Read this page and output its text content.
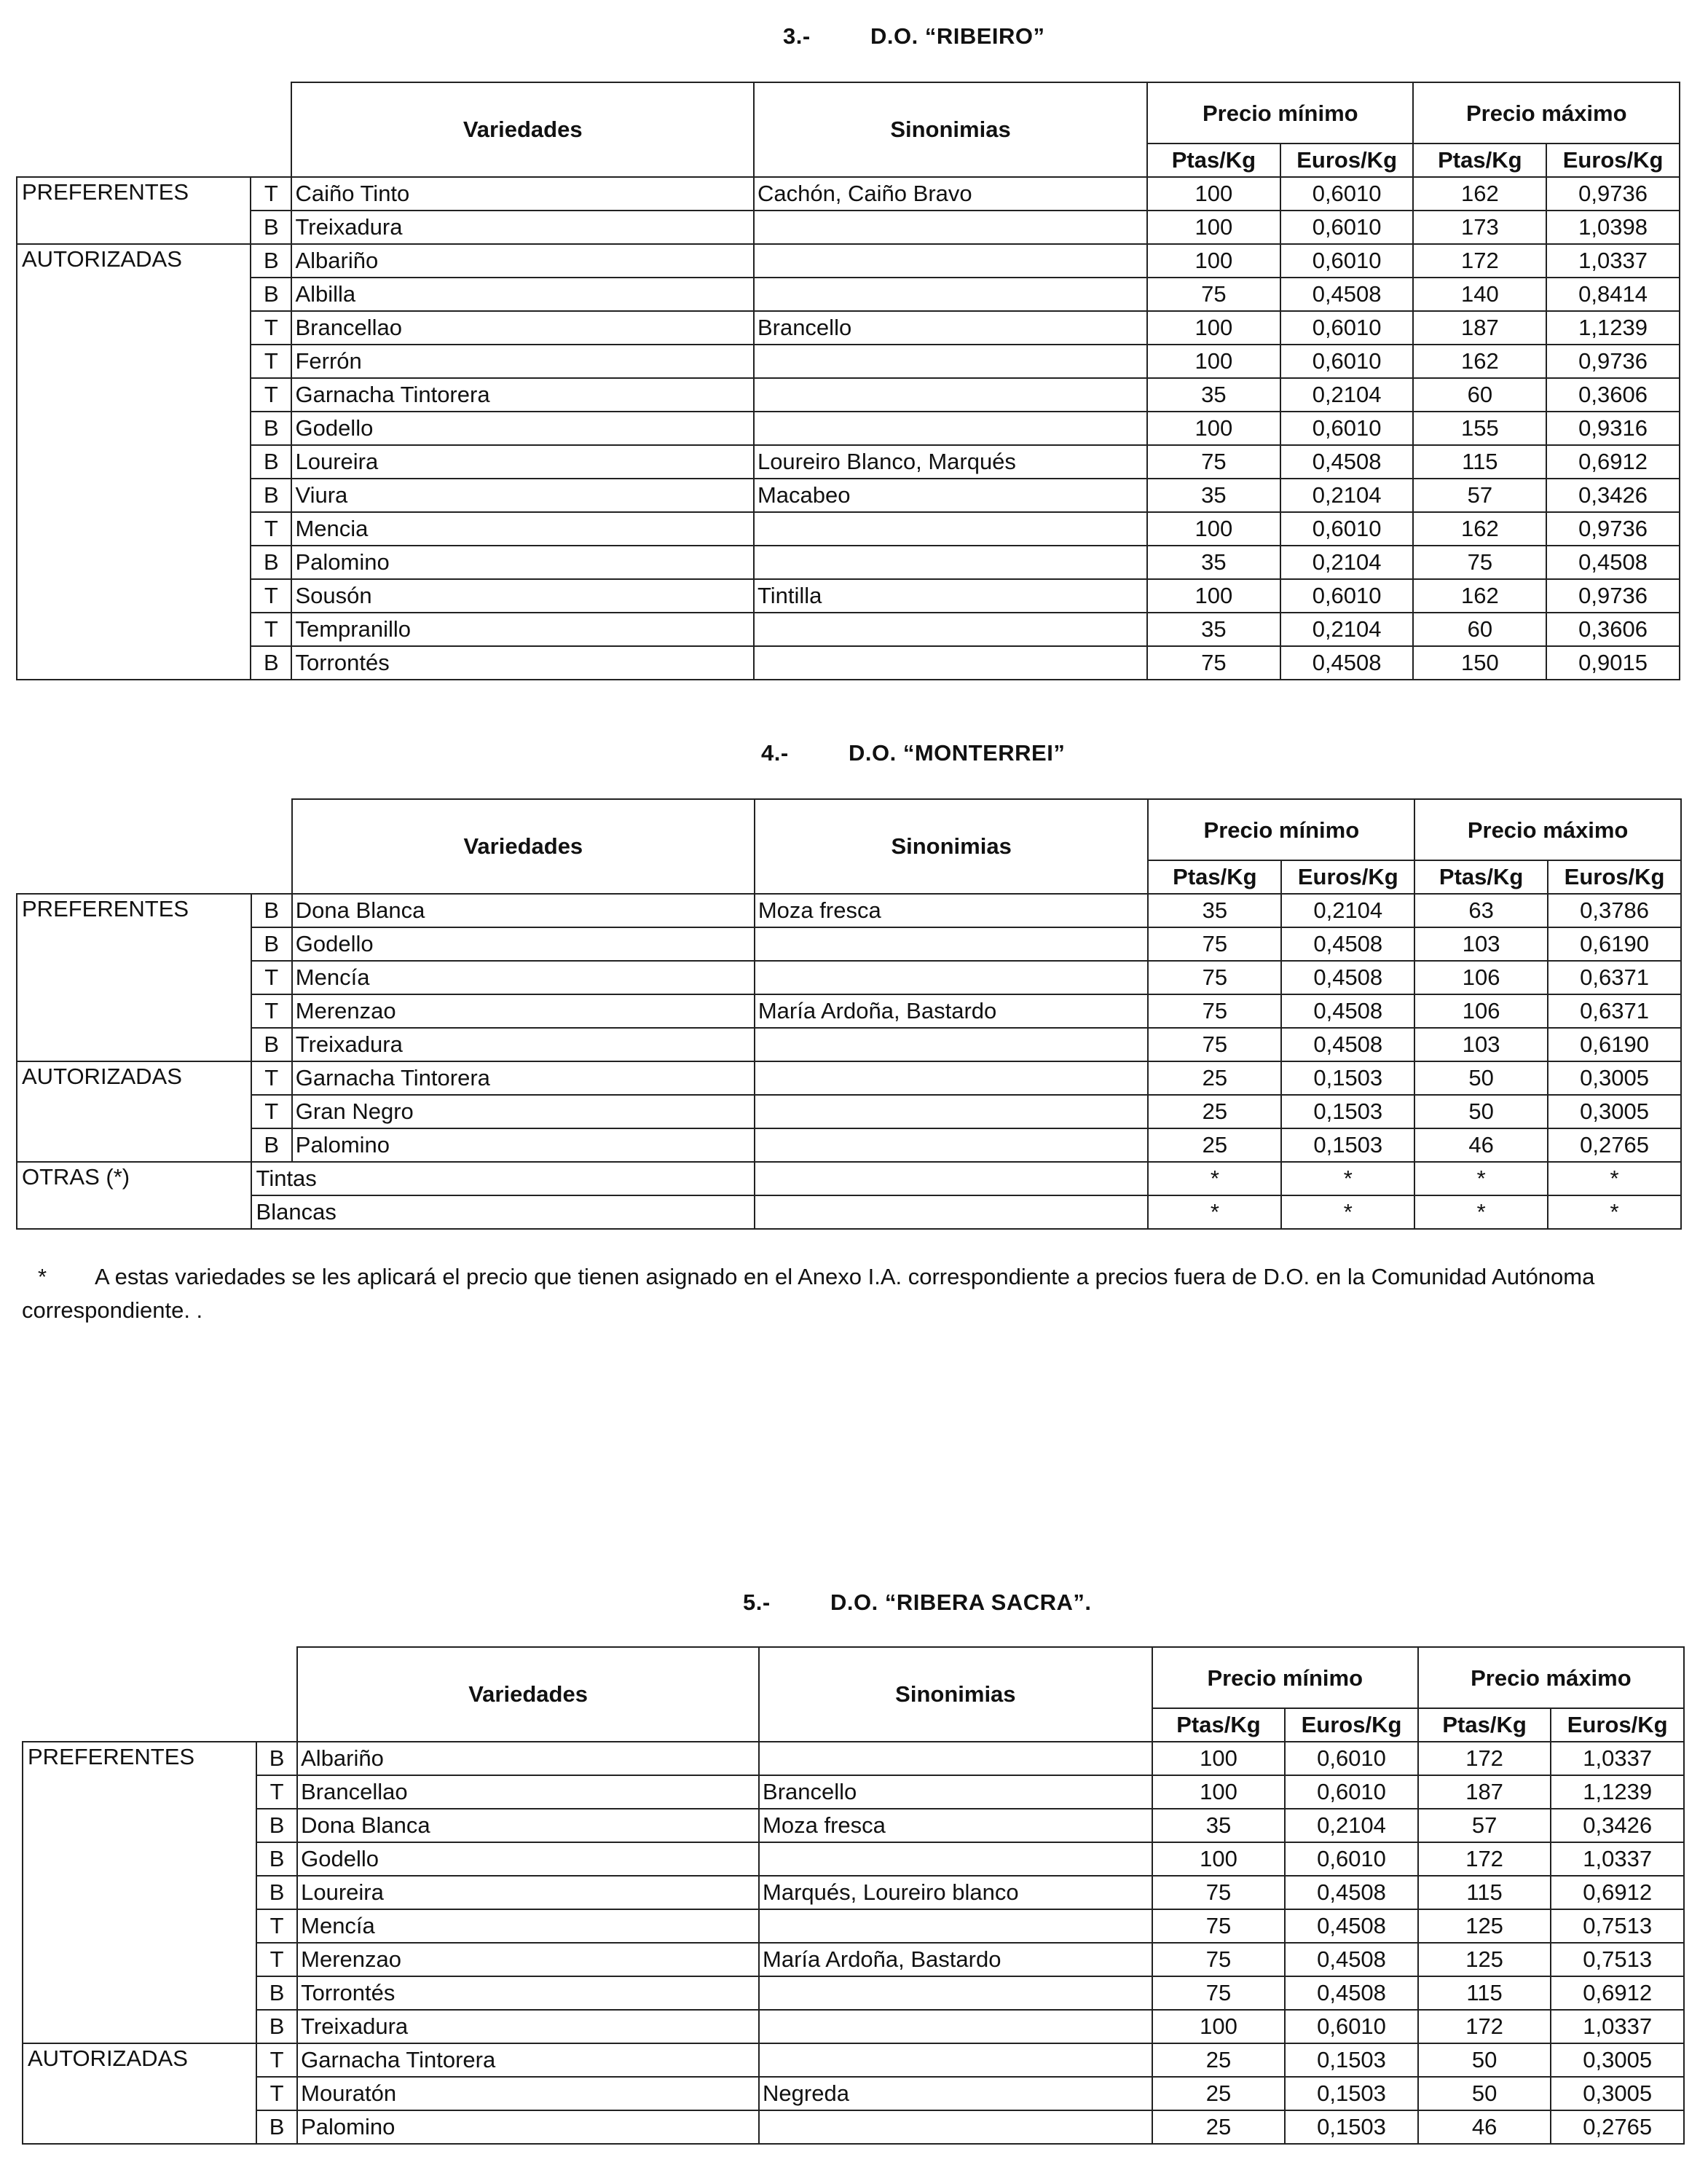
3.-	D.O. “RIBEIRO”
		Variedades	Sinonimias	Precio mínimo		Precio máximo	
				Ptas/Kg	Euros/Kg	Ptas/Kg	Euros/Kg
PREFERENTES	T	Caiño Tinto	Cachón, Caiño Bravo	100	0,6010	162	0,9736
	B	Treixadura		100	0,6010	173	1,0398
AUTORIZADAS	B	Albariño		100	0,6010	172	1,0337
	B	Albilla		75	0,4508	140	0,8414
	T	Brancellao	Brancello	100	0,6010	187	1,1239
	T	Ferrón		100	0,6010	162	0,9736
	T	Garnacha Tintorera		35	0,2104	60	0,3606
	B	Godello		100	0,6010	155	0,9316
	B	Loureira	Loureiro Blanco, Marqués	75	0,4508	115	0,6912
	B	Viura	Macabeo	35	0,2104	57	0,3426
	T	Mencia		100	0,6010	162	0,9736
	B	Palomino		35	0,2104	75	0,4508
	T	Sousón	Tintilla	100	0,6010	162	0,9736
	T	Tempranillo		35	0,2104	60	0,3606
	B	Torrontés		75	0,4508	150	0,9015
4.-	D.O. “MONTERREI”
		Variedades	Sinonimias	Precio mínimo		Precio máximo	
				Ptas/Kg	Euros/Kg	Ptas/Kg	Euros/Kg
PREFERENTES	B	Dona Blanca	Moza fresca	35	0,2104	63	0,3786
	B	Godello		75	0,4508	103	0,6190
	T	Mencía		75	0,4508	106	0,6371
	T	Merenzao	María Ardoña, Bastardo	75	0,4508	106	0,6371
	B	Treixadura		75	0,4508	103	0,6190
AUTORIZADAS	T	Garnacha Tintorera		25	0,1503	50	0,3005
	T	Gran Negro		25	0,1503	50	0,3005
	B	Palomino		25	0,1503	46	0,2765
OTRAS (*)	Tintas			*	*	*	*
	Blancas			*	*	*	*
* A estas variedades se les aplicará el precio que tienen asignado en el Anexo I.A. correspondiente a precios fuera de D.O. en la Comunidad Autónoma correspondiente. .
5.-	D.O. “RIBERA SACRA”.
		Variedades	Sinonimias	Precio mínimo		Precio máximo	
				Ptas/Kg	Euros/Kg	Ptas/Kg	Euros/Kg
PREFERENTES	B	Albariño		100	0,6010	172	1,0337
	T	Brancellao	Brancello	100	0,6010	187	1,1239
	B	Dona Blanca	Moza fresca	35	0,2104	57	0,3426
	B	Godello		100	0,6010	172	1,0337
	B	Loureira	Marqués, Loureiro blanco	75	0,4508	115	0,6912
	T	Mencía		75	0,4508	125	0,7513
	T	Merenzao	María Ardoña, Bastardo	75	0,4508	125	0,7513
	B	Torrontés		75	0,4508	115	0,6912
	B	Treixadura		100	0,6010	172	1,0337
AUTORIZADAS	T	Garnacha Tintorera		25	0,1503	50	0,3005
	T	Mouratón	Negreda	25	0,1503	50	0,3005
	B	Palomino		25	0,1503	46	0,2765
